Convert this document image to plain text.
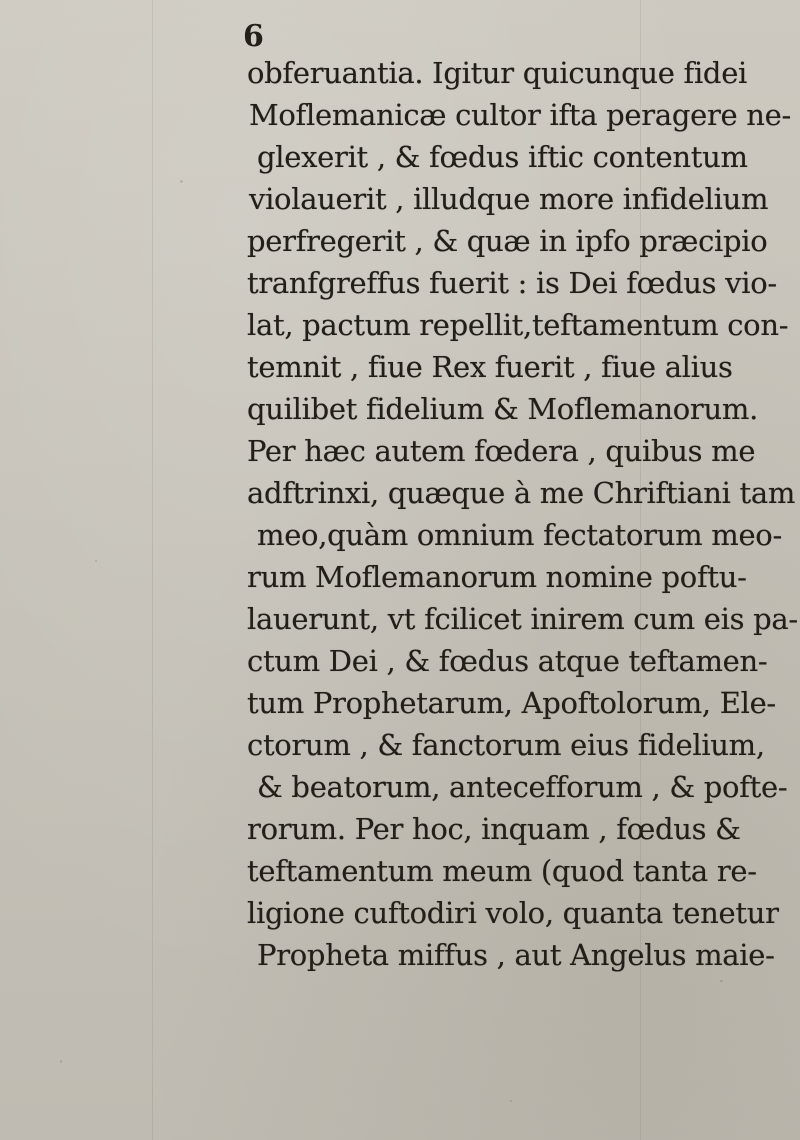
6
obferuantia. Igitur quicunque fidei
Moflemanicæ cultor ifta peragere ne-
glexerit , & fœdus iftic contentum
violauerit , illudque more infidelium
perfregerit , & quæ in ipfo præcipio
tranfgreffus fuerit : is Dei fœdus vio-
lat, pactum repellit,teftamentum con-
temnit , fiue Rex fuerit , fiue alius
quilibet fidelium & Moflemanorum.
Per hæc autem fœdera , quibus me
adftrinxi, quæque à me Chriftiani tam
meo,quàm omnium fectatorum meo-
rum Moflemanorum nomine poftu-
lauerunt, vt fcilicet inirem cum eis pa-
ctum Dei , & fœdus atque teftamen-
tum Prophetarum, Apoftolorum, Ele-
ctorum , & fanctorum eius fidelium,
& beatorum, antecefforum , & pofte-
rorum. Per hoc, inquam , fœdus &
teftamentum meum (quod tanta re-
ligione cuftodiri volo, quanta tenetur
Propheta miffus , aut Angelus maie-
